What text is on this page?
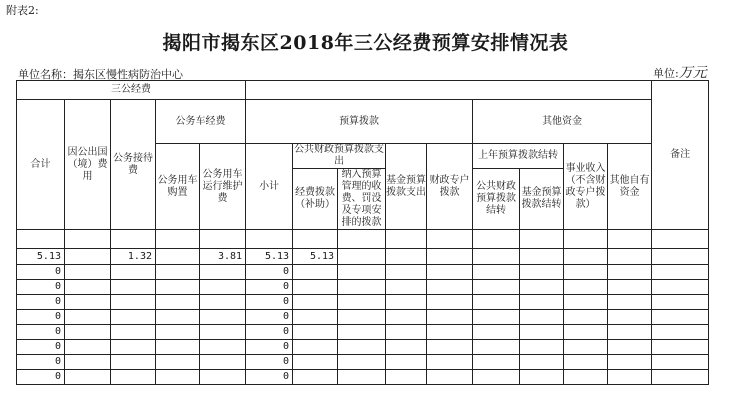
附表2:
揭阳市揭东区2018年三公经费预算安排情况表
单位名称：揭东区慢性病防治中心	单位:万元
三公经费														备注
合计	因公出国（境）费用	公务接待费	公务车经费		预算拨款					其他资金				

			公务用车购置	公务用车运行维护费	小计	公共财政预算拨款支出		基金预算拨款支出	财政专户拨款	上年预算拨款结转		事业收入（不含财政专户拨款）	其他自有资金	
						经费拨款（补助）	纳入预算管理的收费、罚没及专项安排的拨款			公共财政预算拨款结转	基金预算拨款结转			

5.13		1.32		3.81	5.13	5.13								
0					0									
0					0									
0					0									
0					0									
0					0									
0					0									
0					0									
0					0									
